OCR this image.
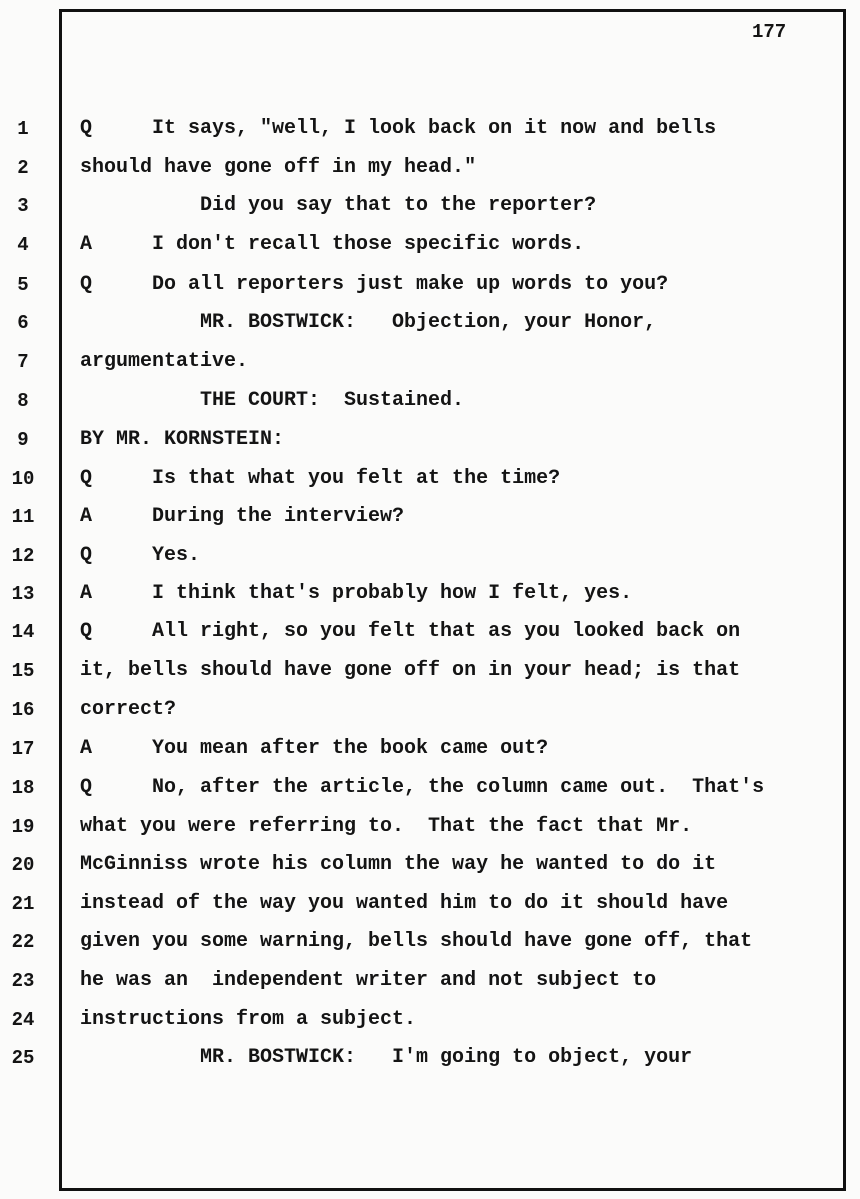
177
1
2
3
4
5
6
7
8
9
10
11
12
13
14
15
16
17
18
19
20
21
22
23
24
25
Q     It says, "well, I look back on it now and bells
should have gone off in my head."
Did you say that to the reporter?
A     I don't recall those specific words.
Q     Do all reporters just make up words to you?
MR. BOSTWICK:   Objection, your Honor,
argumentative.
THE COURT:  Sustained.
BY MR. KORNSTEIN:
Q     Is that what you felt at the time?
A     During the interview?
Q     Yes.
A     I think that's probably how I felt, yes.
Q     All right, so you felt that as you looked back on
it, bells should have gone off on in your head; is that
correct?
A     You mean after the book came out?
Q     No, after the article, the column came out.  That's
what you were referring to.  That the fact that Mr.
McGinniss wrote his column the way he wanted to do it
instead of the way you wanted him to do it should have
given you some warning, bells should have gone off, that
he was an  independent writer and not subject to
instructions from a subject.
MR. BOSTWICK:   I'm going to object, your
